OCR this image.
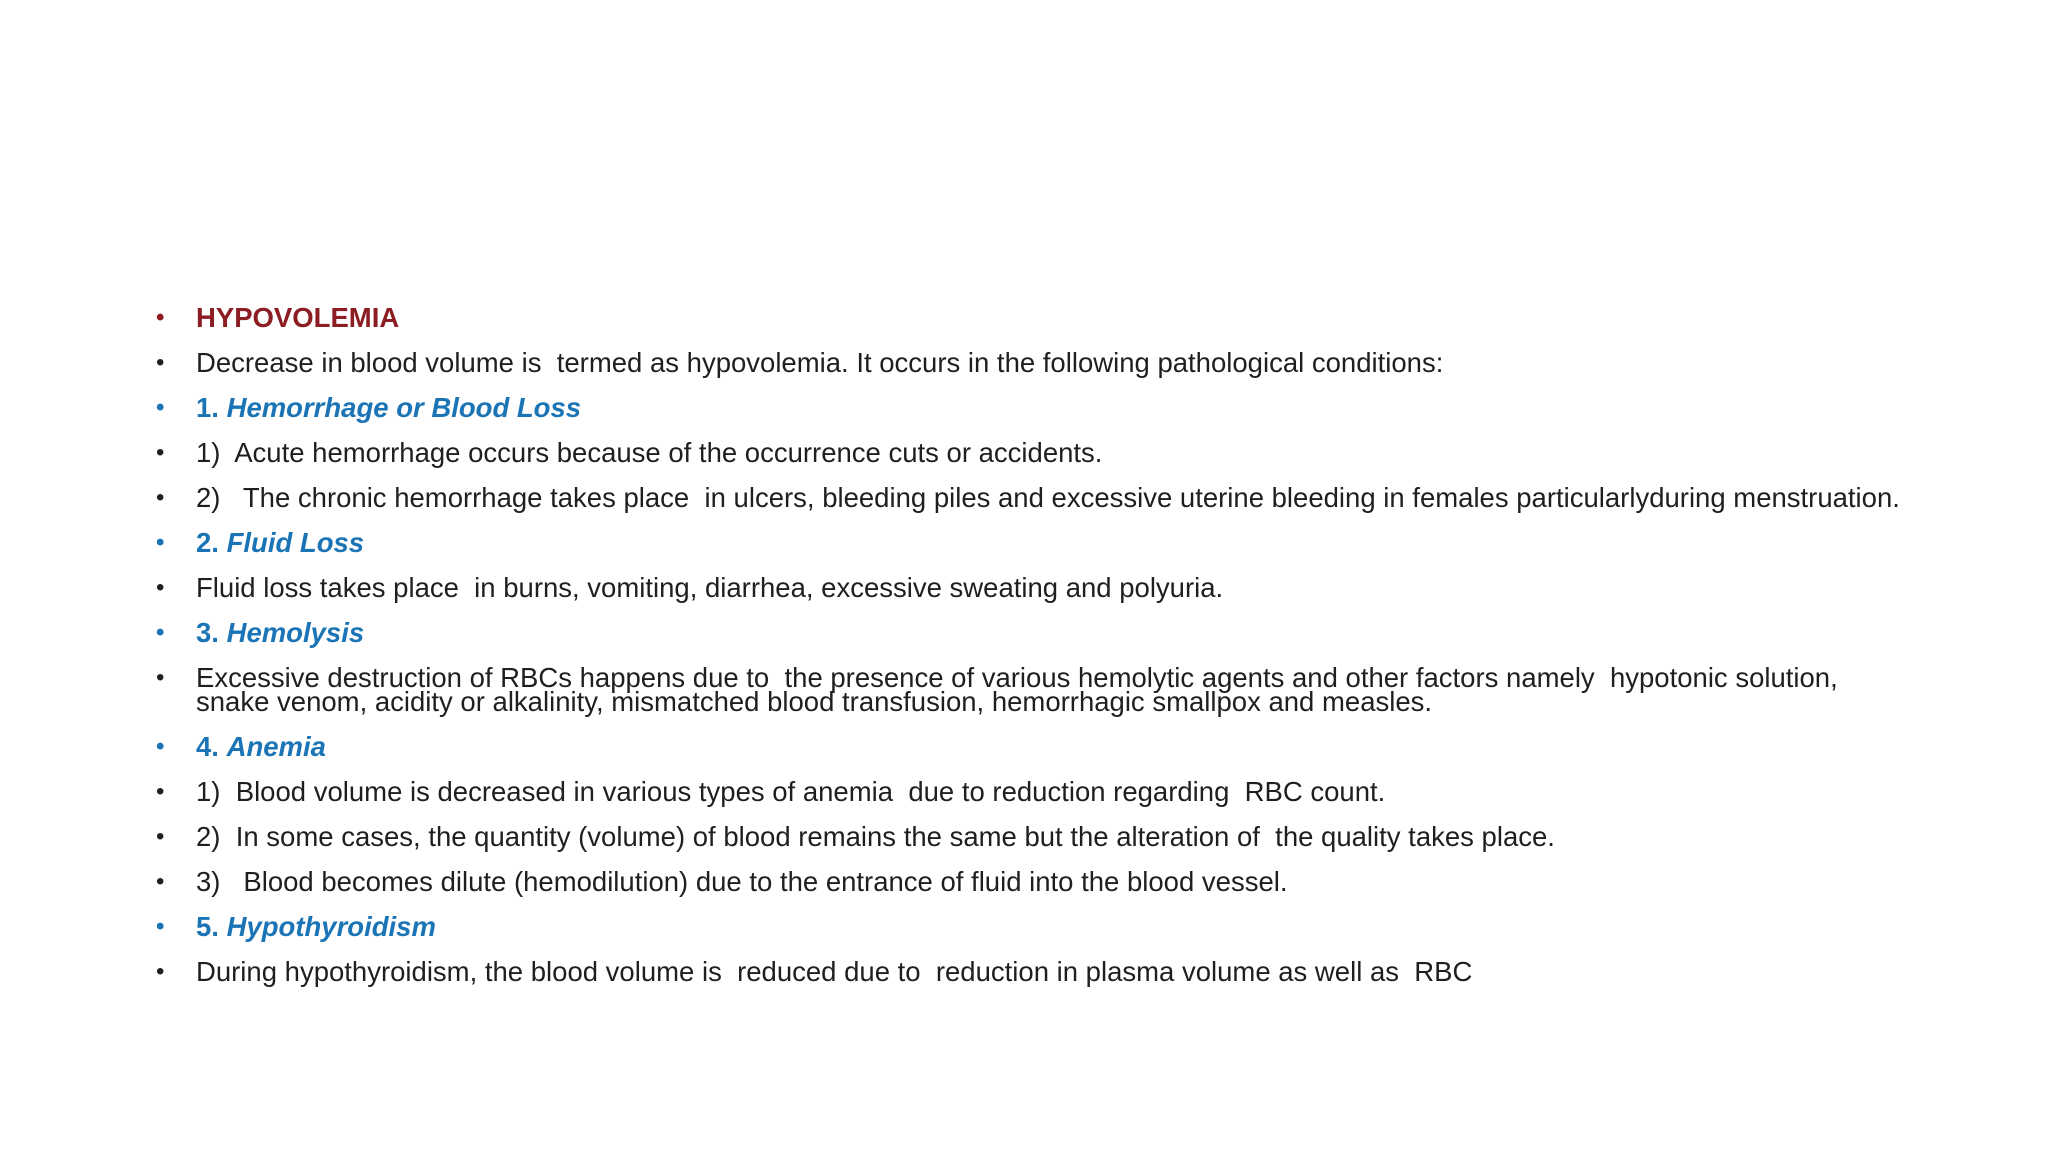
•	HYPOVOLEMIA
•	Decrease in blood volume is  termed as hypovolemia. It occurs in the following pathological conditions:
•	1. Hemorrhage or Blood Loss
•	1)  Acute hemorrhage occurs because of the occurrence cuts or accidents.
•	2)   The chronic hemorrhage takes place  in ulcers, bleeding piles and excessive uterine bleeding in females particularlyduring menstruation.
•	2. Fluid Loss
•	Fluid loss takes place  in burns, vomiting, diarrhea, excessive sweating and polyuria.
•	3. Hemolysis
•	Excessive destruction of RBCs happens due to  the presence of various hemolytic agents and other factors namely  hypotonic solution, snake venom, acidity or alkalinity, mismatched blood transfusion, hemorrhagic smallpox and measles.
•	4. Anemia
•	1)  Blood volume is decreased in various types of anemia  due to reduction regarding  RBC count.
•	2)  In some cases, the quantity (volume) of blood remains the same but the alteration of  the quality takes place.
•	3)   Blood becomes dilute (hemodilution) due to the entrance of fluid into the blood vessel.
•	5. Hypothyroidism
•	During hypothyroidism, the blood volume is  reduced due to  reduction in plasma volume as well as  RBC
